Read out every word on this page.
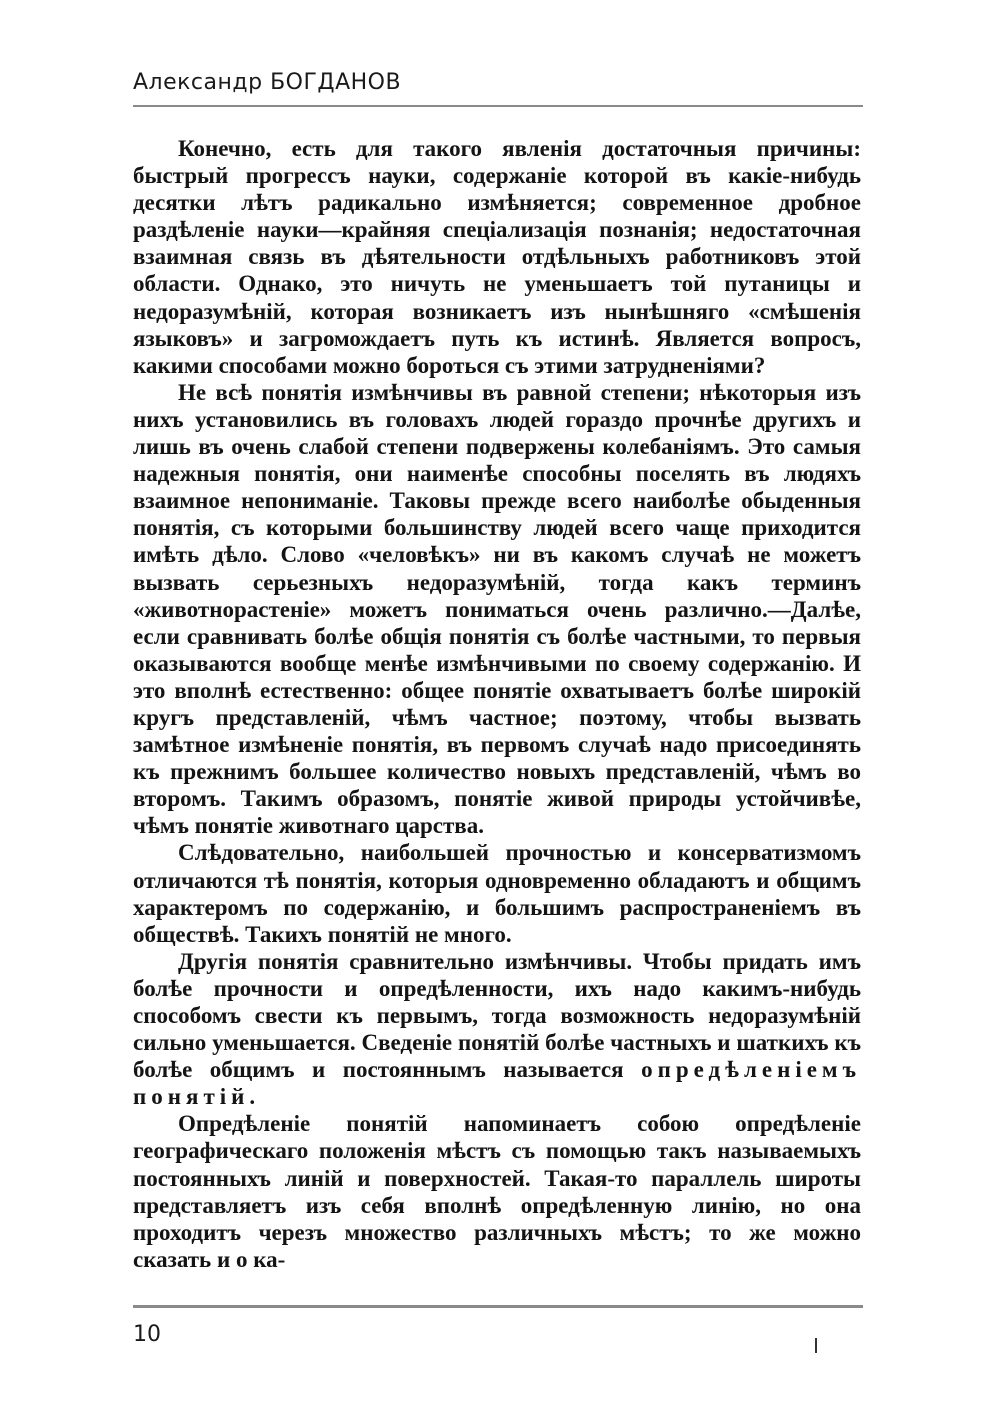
Александр БОГДАНОВ

Конечно, есть для такого явленія достаточныя причины: быстрый прогрессъ науки, содержаніе которой въ какіе-нибудь десятки лѣтъ радикально измѣняется; современное дробное раздѣленіе науки—крайняя спеціализація познанія; недостаточная взаимная связь въ дѣятельности отдѣльныхъ работниковъ этой области. Однако, это ничуть не уменьшаетъ той путаницы и недоразумѣній, которая возникаетъ изъ нынѣшняго «смѣшенія языковъ» и загромождаетъ путь къ истинѣ. Является вопросъ, какими способами можно бороться съ этими затрудненіями?

Не всѣ понятія измѣнчивы въ равной степени; нѣкоторыя изъ нихъ установились въ головахъ людей гораздо прочнѣе другихъ и лишь въ очень слабой степени подвержены колебаніямъ. Это самыя надежныя понятія, они наименѣе способны поселять въ людяхъ взаимное непониманіе. Таковы прежде всего наиболѣе обыденныя понятія, съ которыми большинству людей всего чаще приходится имѣть дѣло. Слово «человѣкъ» ни въ какомъ случаѣ не можетъ вызвать серьезныхъ недоразумѣній, тогда какъ терминъ «животнорастеніе» можетъ пониматься очень различно.—Далѣе, если сравнивать болѣе общія понятія съ болѣе частными, то первыя оказываются вообще менѣе измѣнчивыми по своему содержанію. И это вполнѣ естественно: общее понятіе охватываетъ болѣе широкій кругъ представленій, чѣмъ частное; поэтому, чтобы вызвать замѣтное измѣненіе понятія, въ первомъ случаѣ надо присоединять къ прежнимъ большее количество новыхъ представленій, чѣмъ во второмъ. Такимъ образомъ, понятіе живой природы устойчивѣе, чѣмъ понятіе животнаго царства.

Слѣдовательно, наибольшей прочностью и консерватизмомъ отличаются тѣ понятія, которыя одновременно обладаютъ и общимъ характеромъ по содержанію, и большимъ распространеніемъ въ обществѣ. Такихъ понятій не много.

Другія понятія сравнительно измѣнчивы. Чтобы придать имъ болѣе прочности и опредѣленности, ихъ надо какимъ-нибудь способомъ свести къ первымъ, тогда возможность недоразумѣній сильно уменьшается. Сведеніе понятій болѣе частныхъ и шаткихъ къ болѣе общимъ и постояннымъ называется опредѣленіемъ понятій.

Опредѣленіе понятій напоминаетъ собою опредѣленіе географическаго положенія мѣстъ съ помощью такъ называемыхъ постоянныхъ линій и поверхностей. Такая-то параллель широты представляетъ изъ себя вполнѣ опредѣленную линію, но она проходитъ черезъ множество различныхъ мѣстъ; то же можно сказать и о ка-

10
